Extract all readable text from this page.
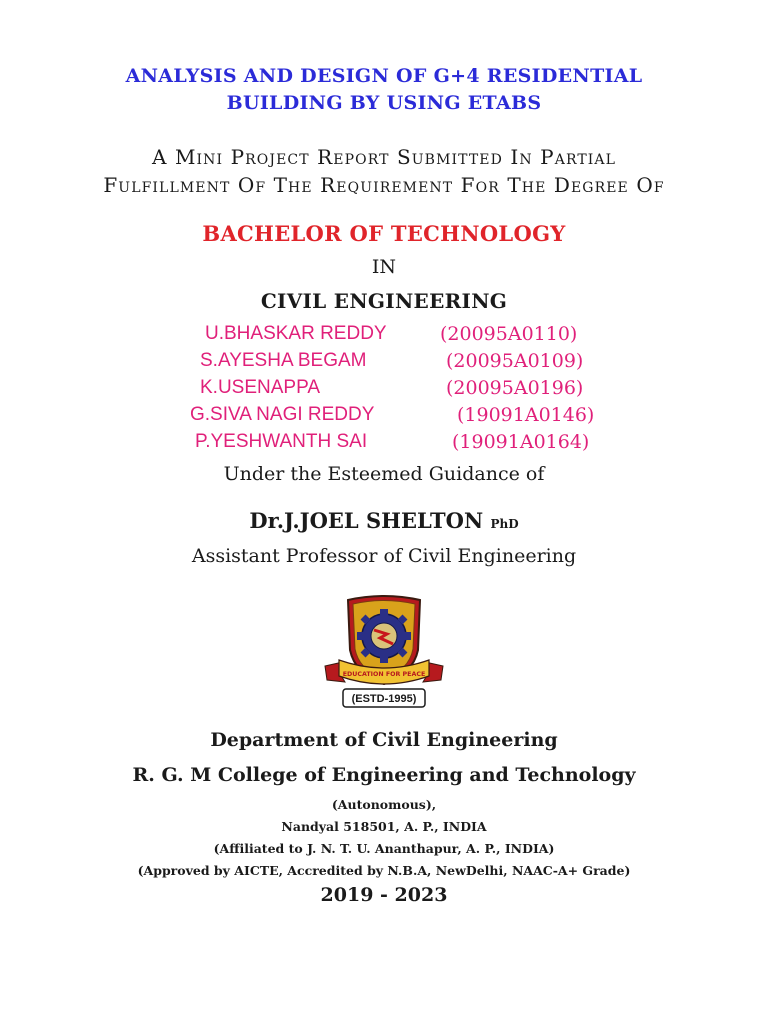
ANALYSIS AND DESIGN OF G+4 RESIDENTIAL
BUILDING BY USING ETABS
A Mini Project Report Submitted In Partial
Fulfillment Of The Requirement For The Degree Of
BACHELOR OF TECHNOLOGY
IN
CIVIL ENGINEERING
U.BHASKAR REDDY	(20095A0110)
S.AYESHA BEGAM	(20095A0109)
K.USENAPPA	(20095A0196)
G.SIVA NAGI REDDY	(19091A0146)
P.YESHWANTH SAI	(19091A0164)
Under the Esteemed Guidance of
Dr.J.JOEL SHELTON PhD
Assistant Professor of Civil Engineering
EDUCATION FOR PEACE
(ESTD-1995)
Department of Civil Engineering
R. G. M College of Engineering and Technology
(Autonomous),
Nandyal 518501, A. P., INDIA
(Affiliated to J. N. T. U. Ananthapur, A. P., INDIA)
(Approved by AICTE, Accredited by N.B.A, NewDelhi, NAAC-A+ Grade)
2019 - 2023
